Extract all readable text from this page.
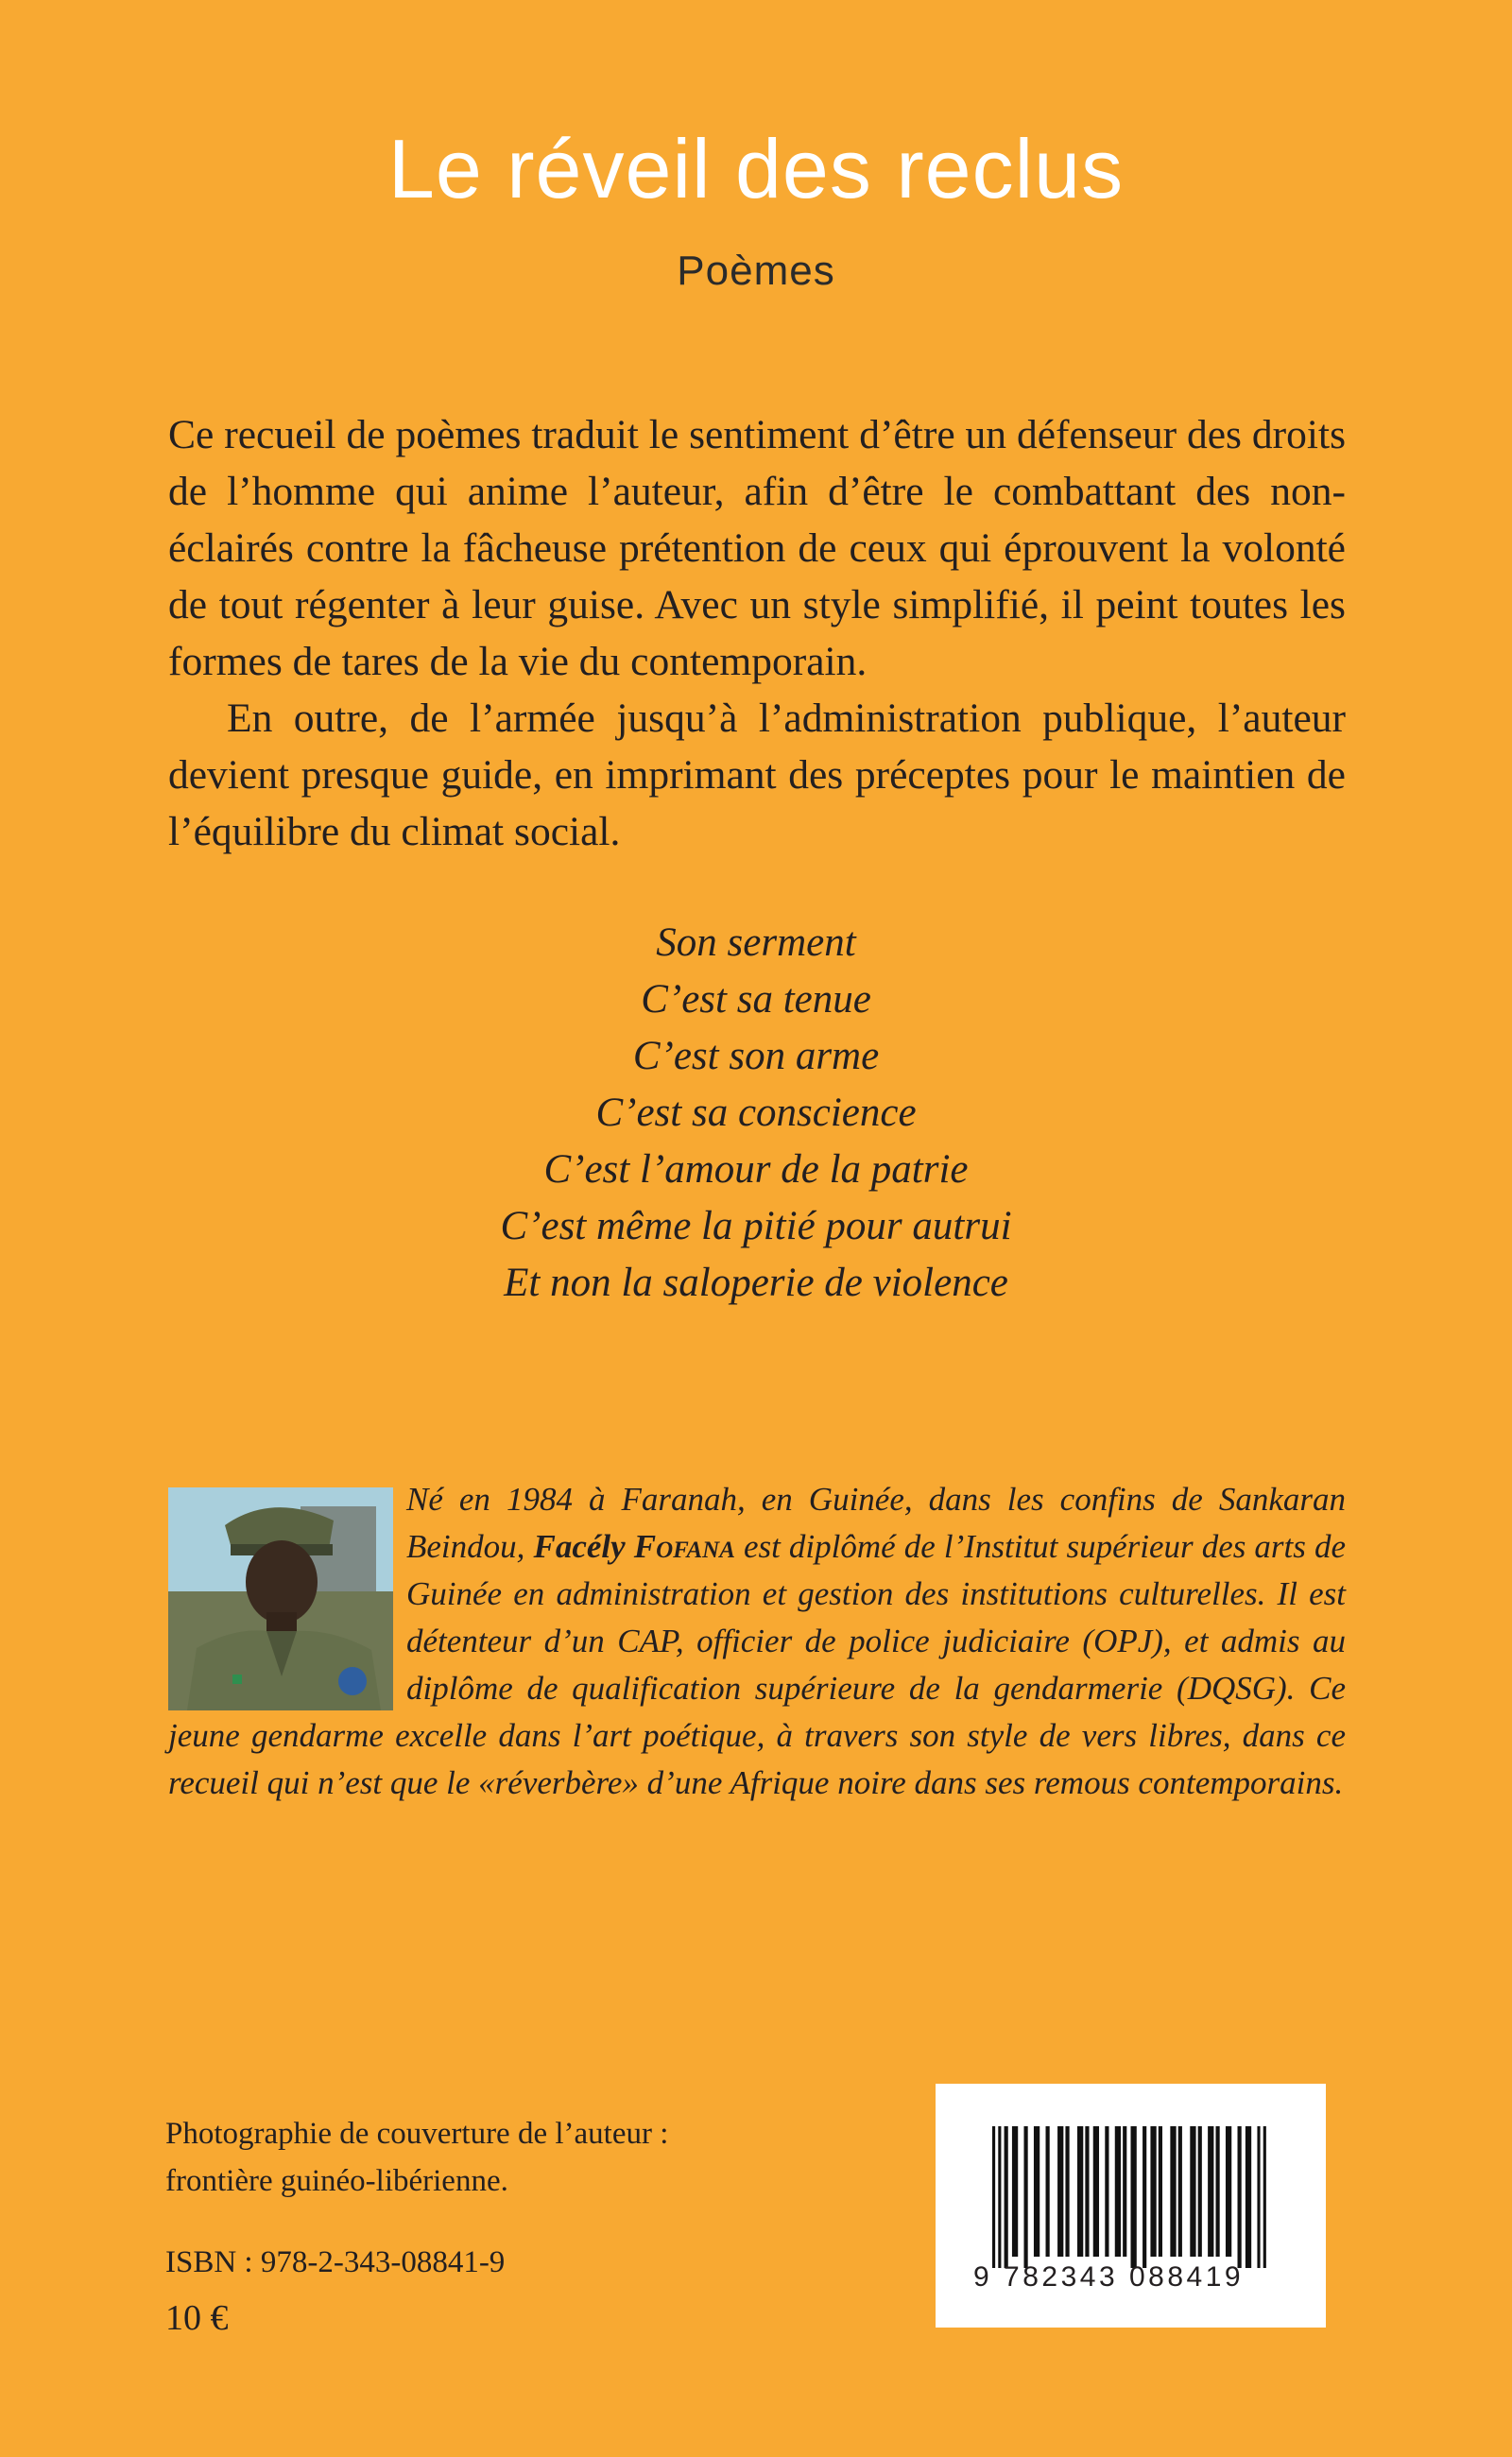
Le réveil des reclus
Poèmes

Ce recueil de poèmes traduit le sentiment d’être un défenseur des droits de l’homme qui anime l’auteur, afin d’être le combattant des non-éclairés contre la fâcheuse prétention de ceux qui éprouvent la volonté de tout régenter à leur guise. Avec un style simplifié, il peint toutes les formes de tares de la vie du contemporain.

En outre, de l’armée jusqu’à l’administration publique, l’auteur devient presque guide, en imprimant des préceptes pour le maintien de l’équilibre du climat social.

Son serment
C’est sa tenue
C’est son arme
C’est sa conscience
C’est l’amour de la patrie
C’est même la pitié pour autrui
Et non la saloperie de violence
Né en 1984 à Faranah, en Guinée, dans les confins de Sankaran Beindou, Facély Fofana est diplômé de l’Institut supérieur des arts de Guinée en administration et gestion des institutions culturelles. Il est détenteur d’un CAP, officier de police judiciaire (OPJ), et admis au diplôme de qualification supérieure de la gendarmerie (DQSG). Ce jeune gendarme excelle dans l’art poétique, à travers son style de vers libres, dans ce recueil qui n’est que le «réverbère» d’une Afrique noire dans ses remous contemporains.
Photographie de couverture de l’auteur :
frontière guinéo-libérienne.
ISBN : 978-2-343-08841-9
10 €
9 782343 088419
